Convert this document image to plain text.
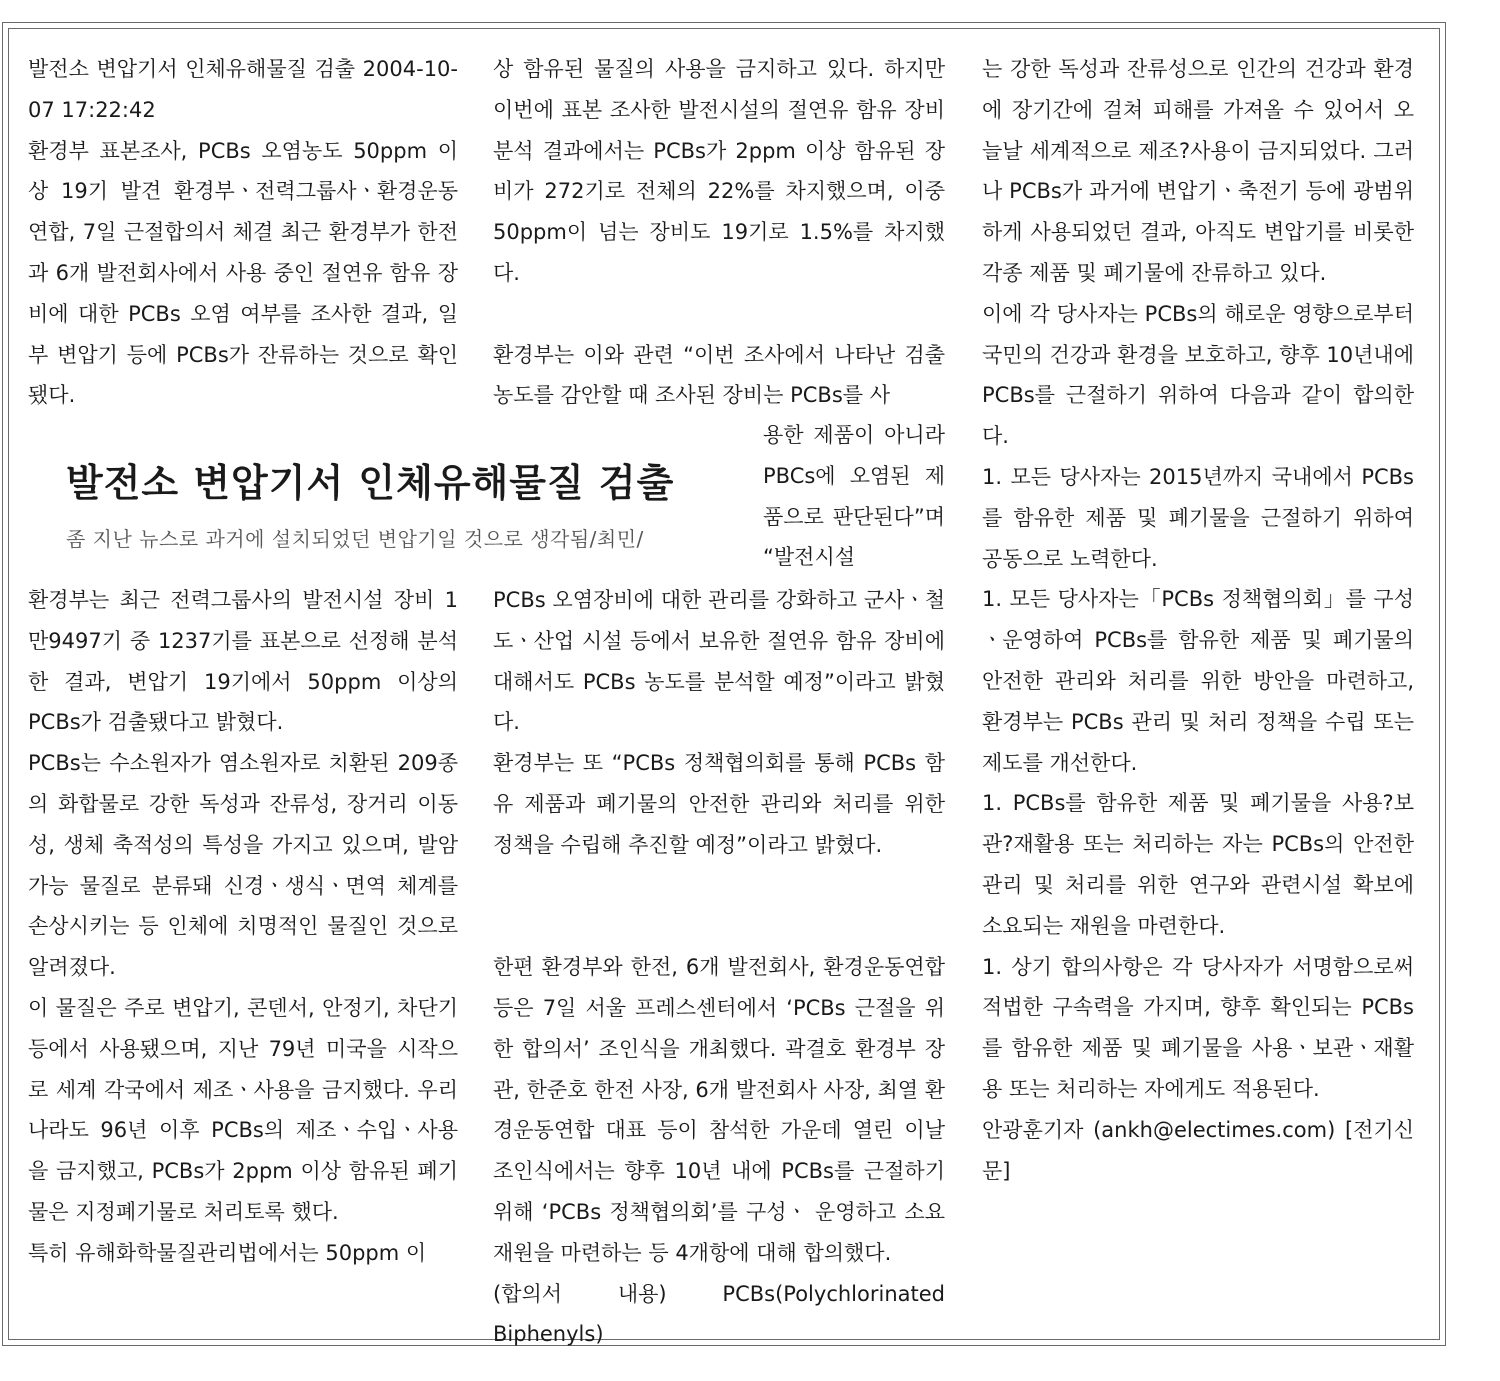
발전소 변압기서 인체유해물질 검출 2004-10-07 17:22:42

환경부 표본조사, PCBs 오염농도 50ppm 이상 19기 발견 환경부ㆍ전력그룹사ㆍ환경운동연합, 7일 근절합의서 체결 최근 환경부가 한전과 6개 발전회사에서 사용 중인 절연유 함유 장비에 대한 PCBs 오염 여부를 조사한 결과, 일부 변압기 등에 PCBs가 잔류하는 것으로 확인됐다.

발전소 변압기서 인체유해물질 검출
좀 지난 뉴스로 과거에 설치되었던 변압기일 것으로 생각됨/최민/

환경부는 최근 전력그룹사의 발전시설 장비 1만9497기 중 1237기를 표본으로 선정해 분석한 결과, 변압기 19기에서 50ppm 이상의 PCBs가 검출됐다고 밝혔다.

PCBs는 수소원자가 염소원자로 치환된 209종의 화합물로 강한 독성과 잔류성, 장거리 이동성, 생체 축적성의 특성을 가지고 있으며, 발암가능 물질로 분류돼 신경ㆍ생식ㆍ면역 체계를 손상시키는 등 인체에 치명적인 물질인 것으로 알려졌다.

이 물질은 주로 변압기, 콘덴서, 안정기, 차단기 등에서 사용됐으며, 지난 79년 미국을 시작으로 세계 각국에서 제조ㆍ사용을 금지했다. 우리나라도 96년 이후 PCBs의 제조ㆍ수입ㆍ사용을 금지했고, PCBs가 2ppm 이상 함유된 폐기물은 지정폐기물로 처리토록 했다.

특히 유해화학물질관리법에서는 50ppm 이

상 함유된 물질의 사용을 금지하고 있다. 하지만 이번에 표본 조사한 발전시설의 절연유 함유 장비 분석 결과에서는 PCBs가 2ppm 이상 함유된 장비가 272기로 전체의 22%를 차지했으며, 이중 50ppm이 넘는 장비도 19기로 1.5%를 차지했다.

환경부는 이와 관련 “이번 조사에서 나타난 검출농도를 감안할 때 조사된 장비는 PCBs를 사

용한 제품이 아니라 PBCs에 오염된 제품으로 판단된다”며 “발전시설

PCBs 오염장비에 대한 관리를 강화하고 군사ㆍ철도ㆍ산업 시설 등에서 보유한 절연유 함유 장비에 대해서도 PCBs 농도를 분석할 예정”이라고 밝혔다.

환경부는 또 “PCBs 정책협의회를 통해 PCBs 함유 제품과 폐기물의 안전한 관리와 처리를 위한 정책을 수립해 추진할 예정”이라고 밝혔다.

한편 환경부와 한전, 6개 발전회사, 환경운동연합 등은 7일 서울 프레스센터에서 ‘PCBs 근절을 위한 합의서’ 조인식을 개최했다. 곽결호 환경부 장관, 한준호 한전 사장, 6개 발전회사 사장, 최열 환경운동연합 대표 등이 참석한 가운데 열린 이날 조인식에서는 향후 10년 내에 PCBs를 근절하기 위해 ‘PCBs 정책협의회’를 구성ㆍ 운영하고 소요 재원을 마련하는 등 4개항에 대해 합의했다.

(합의서 내용) PCBs(Polychlorinated Biphenyls)

는 강한 독성과 잔류성으로 인간의 건강과 환경에 장기간에 걸쳐 피해를 가져올 수 있어서 오늘날 세계적으로 제조?사용이 금지되었다. 그러나 PCBs가 과거에 변압기ㆍ축전기 등에 광범위하게 사용되었던 결과, 아직도 변압기를 비롯한 각종 제품 및 폐기물에 잔류하고 있다.

이에 각 당사자는 PCBs의 해로운 영향으로부터 국민의 건강과 환경을 보호하고, 향후 10년내에 PCBs를 근절하기 위하여 다음과 같이 합의한다.

1. 모든 당사자는 2015년까지 국내에서 PCBs를 함유한 제품 및 폐기물을 근절하기 위하여 공동으로 노력한다.

1. 모든 당사자는「PCBs 정책협의회」를 구성ㆍ운영하여 PCBs를 함유한 제품 및 폐기물의 안전한 관리와 처리를 위한 방안을 마련하고, 환경부는 PCBs 관리 및 처리 정책을 수립 또는 제도를 개선한다.

1. PCBs를 함유한 제품 및 폐기물을 사용?보관?재활용 또는 처리하는 자는 PCBs의 안전한 관리 및 처리를 위한 연구와 관련시설 확보에 소요되는 재원을 마련한다.

1. 상기 합의사항은 각 당사자가 서명함으로써 적법한 구속력을 가지며, 향후 확인되는 PCBs를 함유한 제품 및 폐기물을 사용ㆍ보관ㆍ재활용 또는 처리하는 자에게도 적용된다.

안광훈기자 (ankh@electimes.com) [전기신문]
